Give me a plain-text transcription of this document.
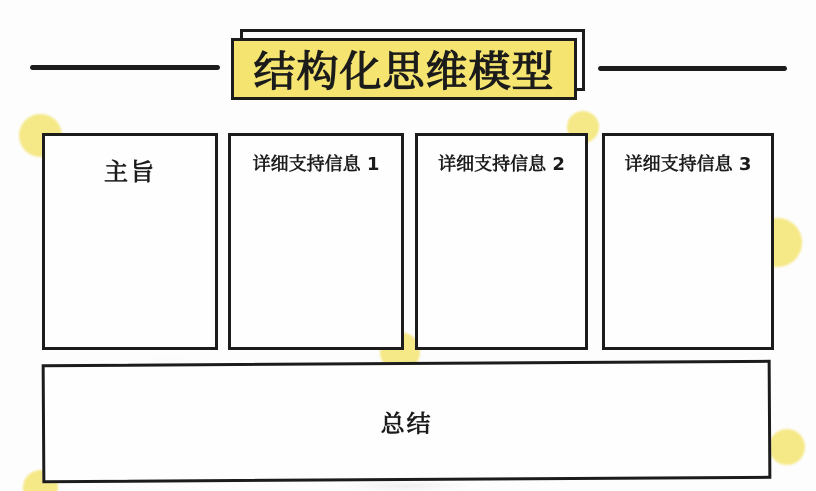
结构化思维模型
主旨	详细支持信息 1	详细支持信息 2	详细支持信息 3
总结
